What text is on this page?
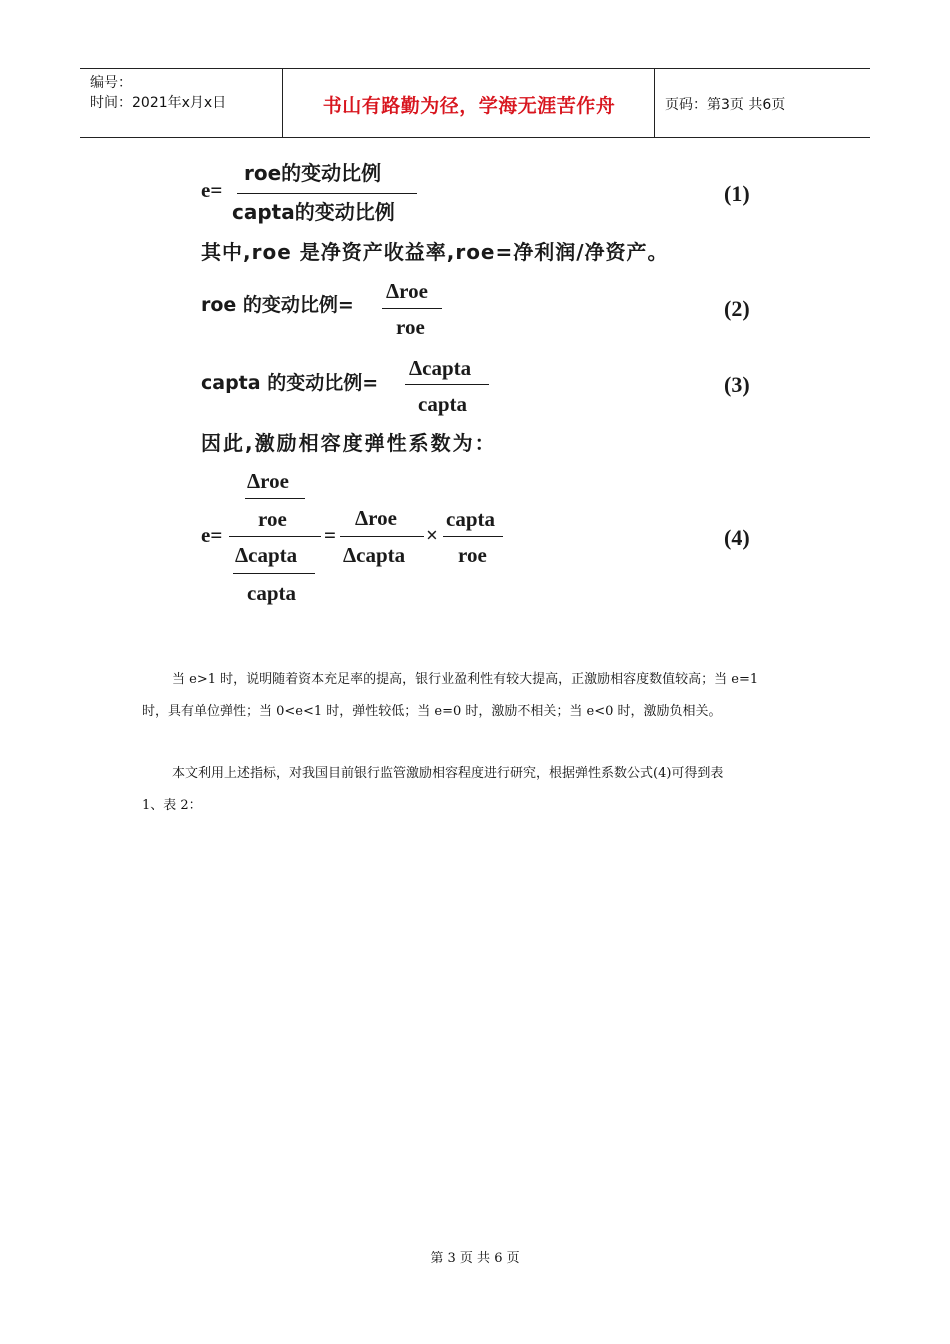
编号：
时间：2021年x月x日	书山有路勤为径，学海无涯苦作舟	页码：第3页 共6页
e=
roe的变动比例
capta的变动比例
(1)
其中,roe 是净资产收益率,roe=净利润/净资产。
roe 的变动比例=
Δroe
roe
(2)
capta 的变动比例=
Δcapta
capta
(3)
因此,激励相容度弹性系数为：
e=
Δroe
roe
Δcapta
capta
=
Δroe
Δcapta
×
capta
roe
(4)
当 e>1 时，说明随着资本充足率的提高，银行业盈利性有较大提高，正激励相容度数值较高；当 e=1
时，具有单位弹性；当 0<e<1 时，弹性较低；当 e=0 时，激励不相关；当 e<0 时，激励负相关。
本文利用上述指标，对我国目前银行监管激励相容程度进行研究，根据弹性系数公式(4)可得到表
1、表 2：
第 3 页 共 6 页
